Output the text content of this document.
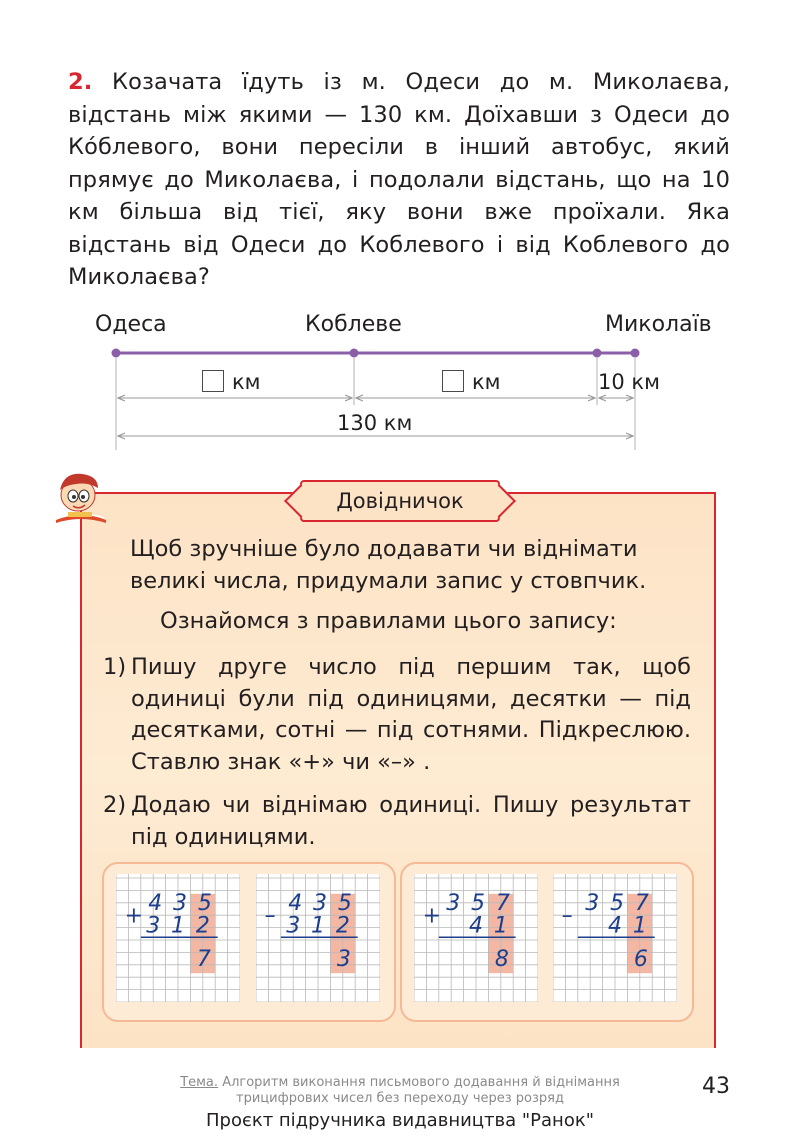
2. Козачата їдуть із м. Одеси до м. Миколаєва, відстань між якими — 130 км. Доїхавши з Одеси до Ко́блевого, вони пересіли в інший автобус, який прямує до Миколаєва, і подолали відстань, що на 10 км більша від тієї, яку вони вже проїхали. Яка відстань від Одеси до Коблевого і від Коблевого до Миколаєва?
Одеса	Коблеве	Миколаїв
км	км	10 км
130 км
Довідничок
Щоб зручніше було додавати чи віднімати великі числа, придумали запис у стовпчик.
Ознайомся з правилами цього запису:
1) Пишу друге число під першим так, щоб одиниці були під одиницями, десятки — під десятками, сотні — під сотнями. Підкреслюю. Ставлю знак «+» чи «–» .
2) Додаю чи віднімаю одиниці. Пишу результат під одиницями.
+ 4 3 5
3 1 2
7
– 4 3 5
3 1 2
3
+ 3 5 7
4 1
8
– 3 5 7
4 1
6
Тема. Алгоритм виконання письмового додавання й віднімання трицифрових чисел без переходу через розряд	43
Проєкт підручника видавництва "Ранок"
